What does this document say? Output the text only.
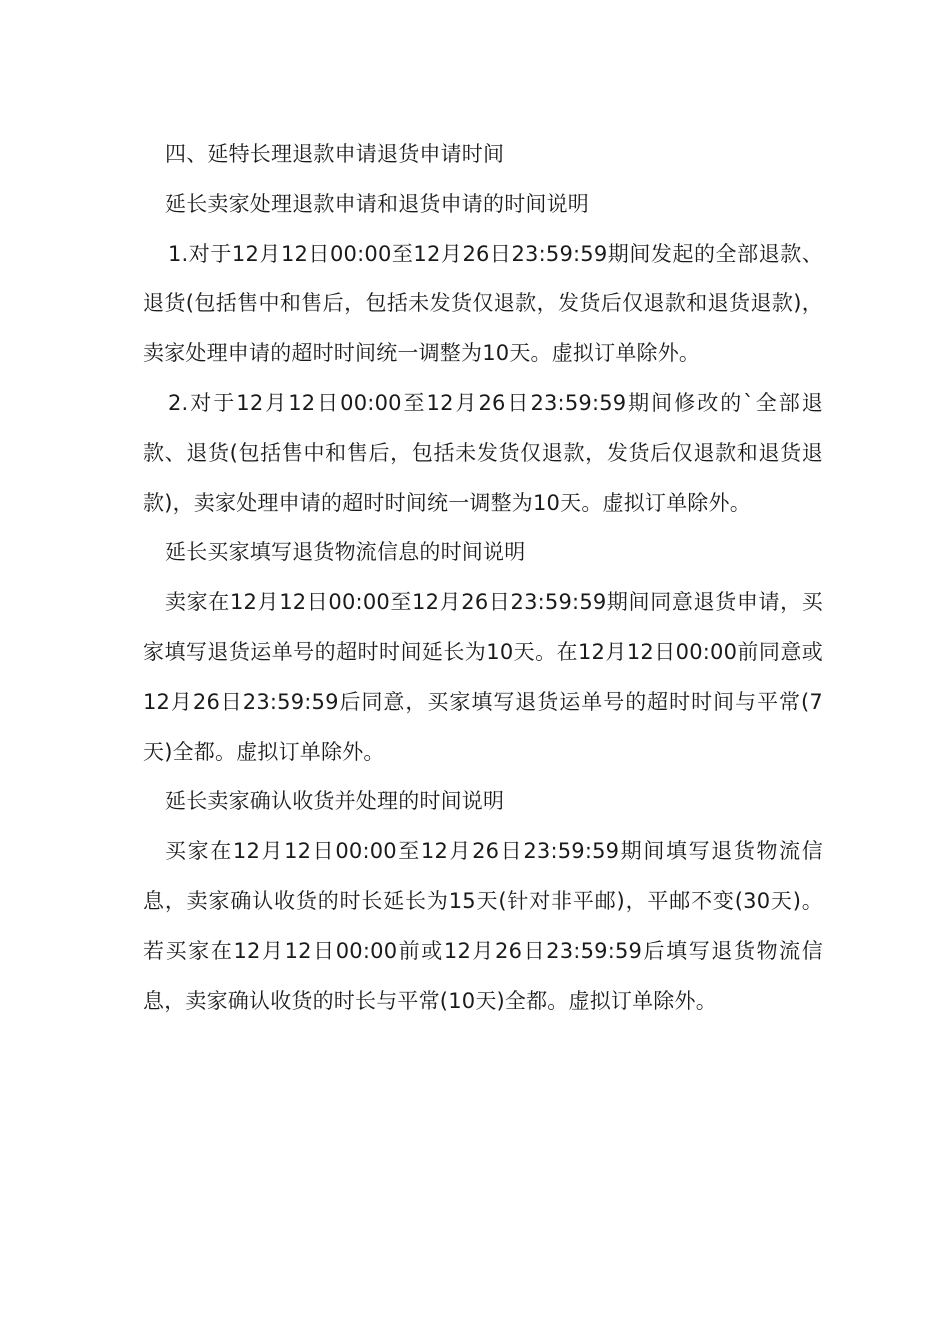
四、延特长理退款申请退货申请时间

延长卖家处理退款申请和退货申请的时间说明

1.对于12月12日00:00至12月26日23:59:59期间发起的全部退款、退货(包括售中和售后，包括未发货仅退款，发货后仅退款和退货退款)，卖家处理申请的超时时间统一调整为10天。虚拟订单除外。

2.对于12月12日00:00至12月26日23:59:59期间修改的`全部退款、退货(包括售中和售后，包括未发货仅退款，发货后仅退款和退货退款)，卖家处理申请的超时时间统一调整为10天。虚拟订单除外。

延长买家填写退货物流信息的时间说明

卖家在12月12日00:00至12月26日23:59:59期间同意退货申请，买家填写退货运单号的超时时间延长为10天。在12月12日00:00前同意或12月26日23:59:59后同意，买家填写退货运单号的超时时间与平常(7天)全都。虚拟订单除外。

延长卖家确认收货并处理的时间说明

买家在12月12日00:00至12月26日23:59:59期间填写退货物流信息，卖家确认收货的时长延长为15天(针对非平邮)，平邮不变(30天)。若买家在12月12日00:00前或12月26日23:59:59后填写退货物流信息，卖家确认收货的时长与平常(10天)全都。虚拟订单除外。
